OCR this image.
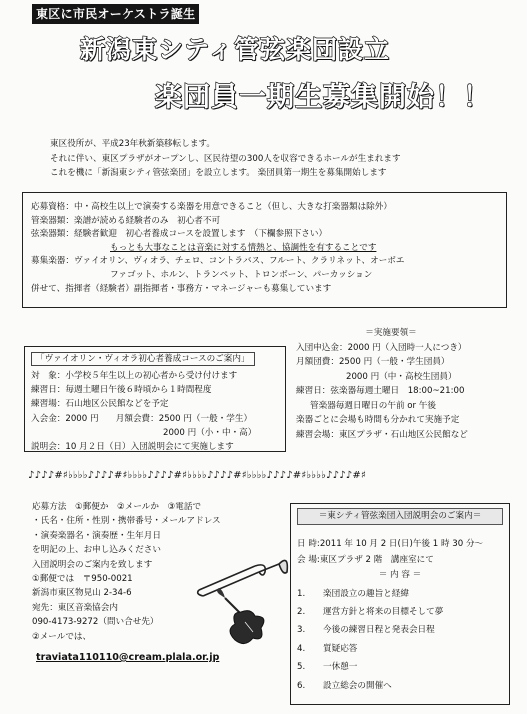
東区に市民オーケストラ誕生
新潟東シティ管弦楽団設立
楽団員一期生募集開始！！
東区役所が、平成23年秋新築移転します。
それに伴い、東区プラザがオープンし、区民待望の300人を収容できるホールが生まれます
これを機に「新潟東シティ管弦楽団」を設立します。 楽団員第一期生を募集開始します
応募資格： 中・高校生以上で演奏する楽器を用意できること（但し、大きな打楽器類は除外）
管楽器類： 楽譜が読める経験者のみ　初心者不可
弦楽器類： 経験者歓迎　初心者養成コースを設置します　（下欄参照下さい）
もっとも大事なことは音楽に対する情熱と、協調性を有することです
募集楽器： ヴァイオリン、ヴィオラ、チェロ、コントラバス、フルート、クラリネット、オーボエ
ファゴット、ホルン、トランペット、トロンボーン、パーカッション
併せて、指揮者（経験者）副指揮者・事務方・マネージャーも募集しています
「ヴァイオリン・ヴィオラ初心者養成コースのご案内」
対　象：小学校５年生以上の初心者から受け付けます
練習日：毎週土曜日午後６時頃から１時間程度
練習場：石山地区公民館などを予定
入会金：2000 円　　月額会費：2500 円（一般・学生）
2000 円（小・中・高）
説明会：10 月２日（日）入団説明会にて実施します
＝実施要領＝
入団申込金：2000 円（入団時一人につき）
月額団費：2500 円（一般・学生団員）
2000 円（中・高校生団員）
練習日：弦楽器毎週土曜日　18:00~21:00
管楽器毎週日曜日の午前 or 午後
楽器ごとに会場も時間も分かれて実施予定
練習会場：東区プラザ・石山地区公民館など
♪♪♪♪#♯♭♭♭♭♪♪♪♪#♯♭♭♭♭♪♪♪♪#♯♭♭♭♭♪♪♪♪#♯♭♭♭♭♪♪♪♪#♯♭♭♭♭♪♪♪♪#♯
応募方法　①郵便か　②メールか　③電話で
・氏名・住所・性別・携帯番号・メールアドレス
・演奏楽器名・演奏歴・生年月日
を明記の上、お申し込みください
入団説明会のご案内を致します
①郵便では　〒950-0021
新潟市東区物見山 2-34-6
宛先：東区音楽協会内
090-4173-9272（問い合せ先）
②メールでは、
traviata110110@cream.plala.or.jp
＝東シティ管弦楽団入団説明会のご案内＝
日 時:2011 年 10 月 2 日(日)午後 1 時 30 分～
会 場:東区プラザ 2 階　講座室にて
＝ 内 容 ＝
1.	楽団設立の趣旨と経緯
2.	運営方針と将来の目標そして夢
3.	今後の練習日程と発表会日程
4.	質疑応答
5.	一休憩一
6.	設立総会の開催へ
